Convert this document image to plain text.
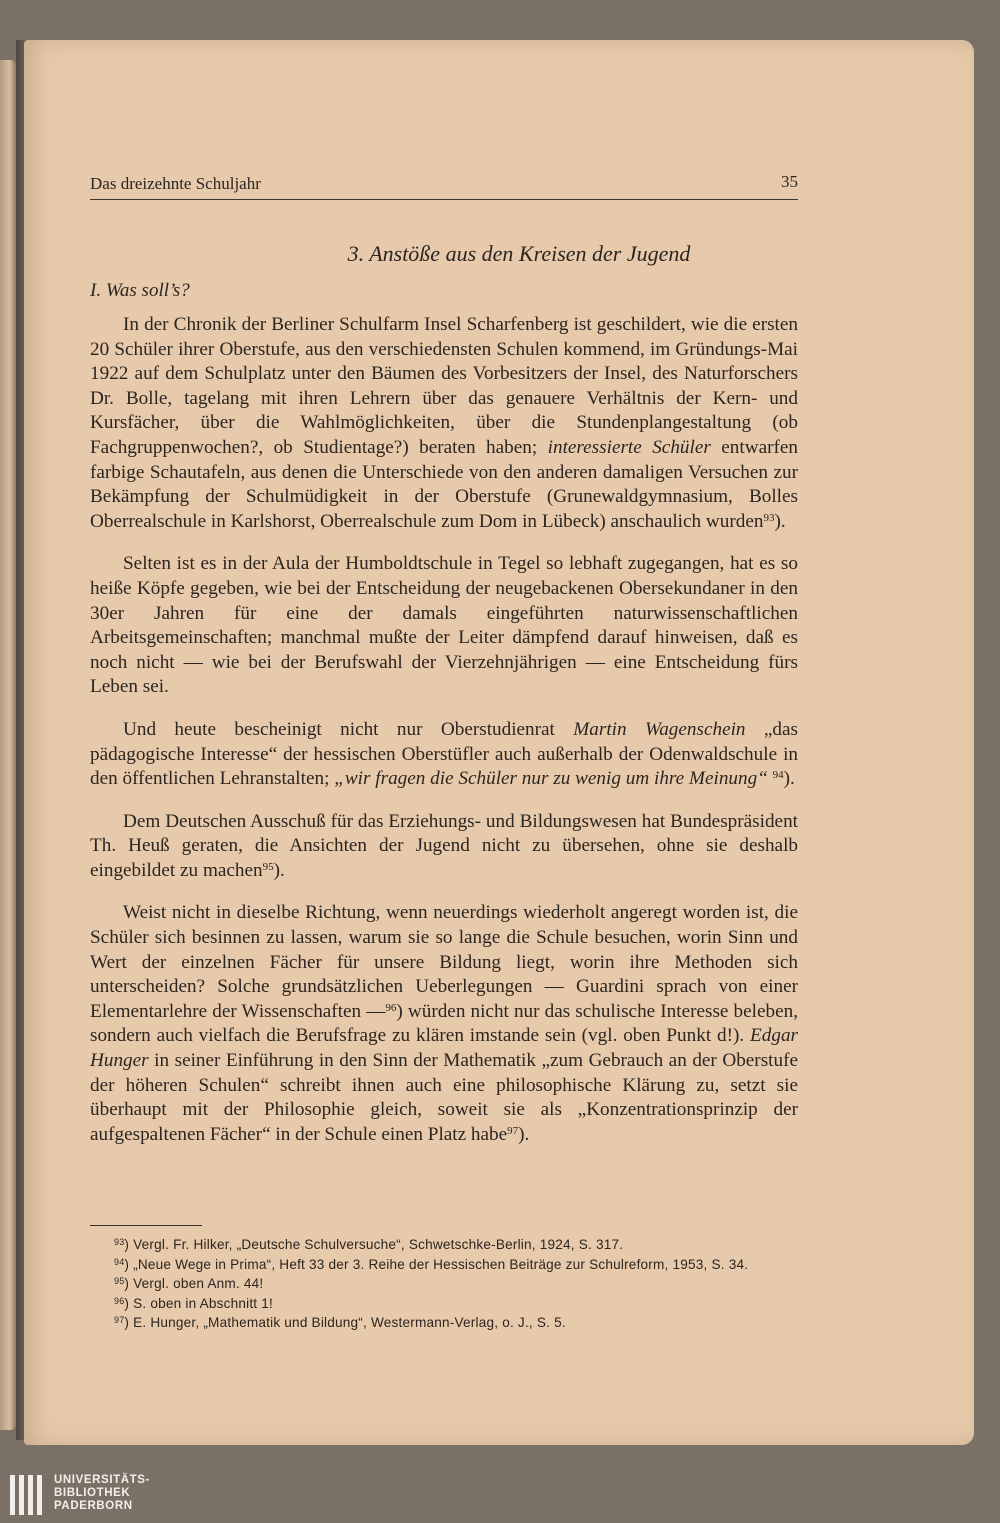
Das dreizehnte Schuljahr	35
3. Anstöße aus den Kreisen der Jugend
I. Was soll’s?

In der Chronik der Berliner Schulfarm Insel Scharfenberg ist geschildert, wie die ersten 20 Schüler ihrer Oberstufe, aus den verschiedensten Schulen kommend, im Gründungs-Mai 1922 auf dem Schulplatz unter den Bäumen des Vorbesitzers der Insel, des Naturforschers Dr. Bolle, tagelang mit ihren Lehrern über das genauere Verhältnis der Kern- und Kursfächer, über die Wahlmöglichkeiten, über die Stundenplangestaltung (ob Fachgruppenwochen?, ob Studientage?) beraten haben; interessierte Schüler entwarfen farbige Schautafeln, aus denen die Unterschiede von den anderen damaligen Versuchen zur Bekämpfung der Schulmüdigkeit in der Oberstufe (Grunewaldgymnasium, Bolles Oberrealschule in Karlshorst, Oberrealschule zum Dom in Lübeck) anschaulich wurden$^{93}$).

Selten ist es in der Aula der Humboldtschule in Tegel so lebhaft zugegangen, hat es so heiße Köpfe gegeben, wie bei der Entscheidung der neugebackenen Obersekundaner in den 30er Jahren für eine der damals eingeführten naturwissenschaftlichen Arbeitsgemeinschaften; manchmal mußte der Leiter dämpfend darauf hinweisen, daß es noch nicht — wie bei der Berufswahl der Vierzehnjährigen — eine Entscheidung fürs Leben sei.

Und heute bescheinigt nicht nur Oberstudienrat Martin Wagenschein „das pädagogische Interesse“ der hessischen Oberstüfler auch außerhalb der Odenwaldschule in den öffentlichen Lehranstalten; „wir fragen die Schüler nur zu wenig um ihre Meinung“ $^{94}$).

Dem Deutschen Ausschuß für das Erziehungs- und Bildungswesen hat Bundespräsident Th. Heuß geraten, die Ansichten der Jugend nicht zu übersehen, ohne sie deshalb eingebildet zu machen$^{95}$).

Weist nicht in dieselbe Richtung, wenn neuerdings wiederholt angeregt worden ist, die Schüler sich besinnen zu lassen, warum sie so lange die Schule besuchen, worin Sinn und Wert der einzelnen Fächer für unsere Bildung liegt, worin ihre Methoden sich unterscheiden? Solche grundsätzlichen Ueberlegungen — Guardini sprach von einer Elementarlehre der Wissenschaften —$^{96}$) würden nicht nur das schulische Interesse beleben, sondern auch vielfach die Berufsfrage zu klären imstande sein (vgl. oben Punkt d!). Edgar Hunger in seiner Einführung in den Sinn der Mathematik „zum Gebrauch an der Oberstufe der höheren Schulen“ schreibt ihnen auch eine philosophische Klärung zu, setzt sie überhaupt mit der Philosophie gleich, soweit sie als „Konzentrationsprinzip der aufgespaltenen Fächer“ in der Schule einen Platz habe$^{97}$).

$^{93}$) Vergl. Fr. Hilker, „Deutsche Schulversuche“, Schwetschke-Berlin, 1924, S. 317.
$^{94}$) „Neue Wege in Prima“, Heft 33 der 3. Reihe der Hessischen Beiträge zur Schulreform, 1953, S. 34.
$^{95}$) Vergl. oben Anm. 44!
$^{96}$) S. oben in Abschnitt 1!
$^{97}$) E. Hunger, „Mathematik und Bildung“, Westermann-Verlag, o. J., S. 5.
UNIVERSITÄTS-
BIBLIOTHEK
PADERBORN
